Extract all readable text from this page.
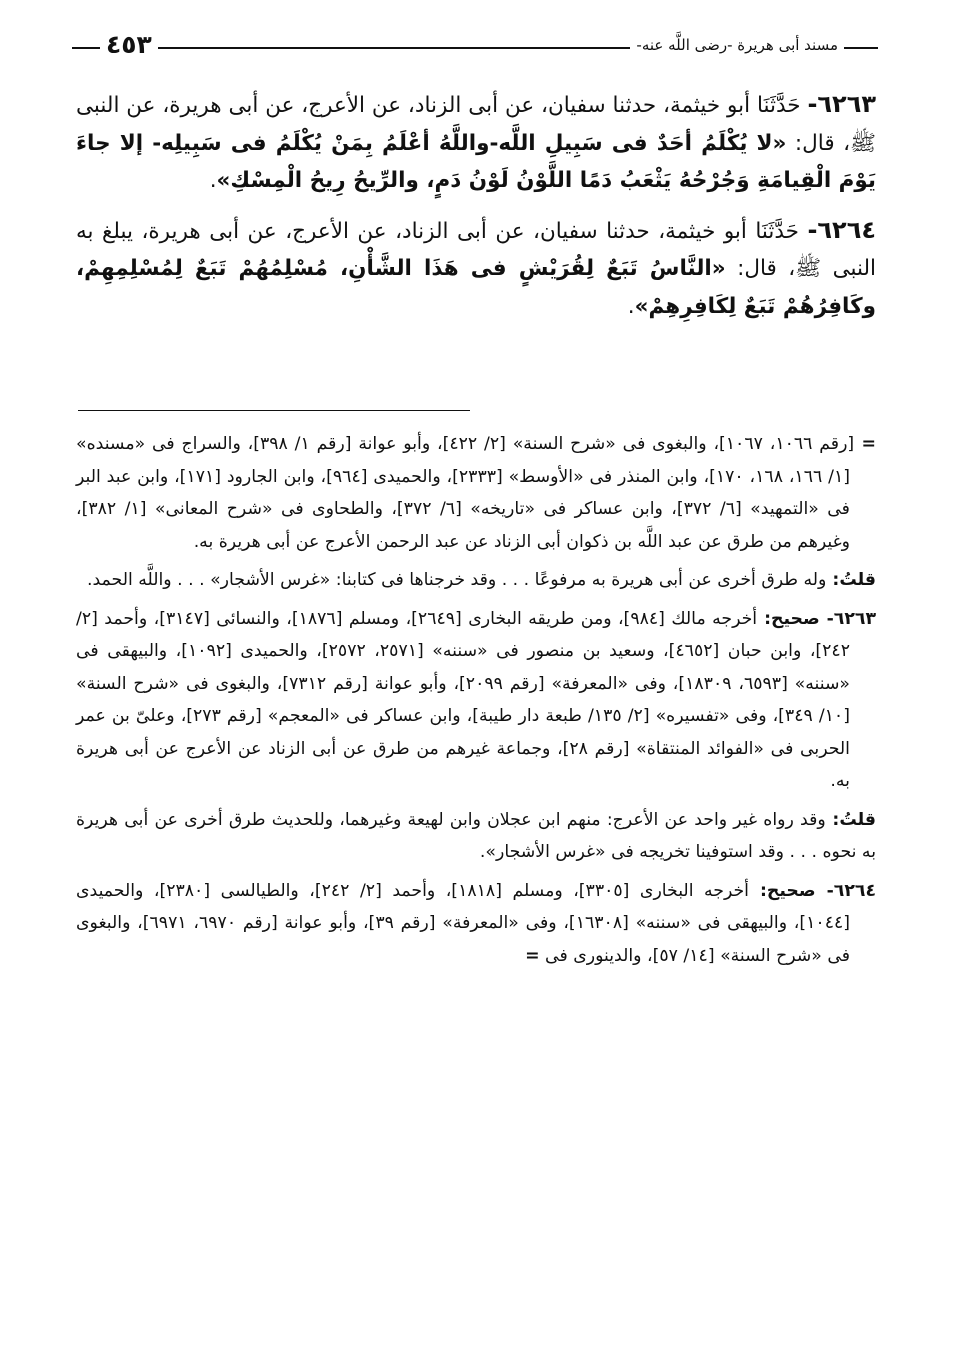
مسند أبى هريرة -رضى اللَّه عنه-
٤٥٣

٦٢٦٣- حَدَّثَنَا أبو خيثمة، حدثنا سفيان، عن أبى الزناد، عن الأعرج، عن أبى هريرة، عن النبى ﷺ، قال: «لا يُكْلَمُ أحَدٌ فى سَبِيلِ اللَّه-واللَّهُ أعْلَمُ بِمَنْ يُكْلَمُ فى سَبِيلِه- إلا جاءَ يَوْمَ الْقِيامَةِ وَجُرْحُهُ يَثْعَبُ دَمًا اللَّوْنُ لَوْنُ دَمٍ، والرِّيحُ رِيحُ الْمِسْكِ».

٦٢٦٤- حَدَّثَنَا أبو خيثمة، حدثنا سفيان، عن أبى الزناد، عن الأعرج، عن أبى هريرة، يبلغ به النبى ﷺ، قال: «النَّاسُ تَبَعٌ لِقُرَيْشٍ فى هَذَا الشَّأْنِ، مُسْلِمُهُمْ تَبَعٌ لِمُسْلِمِهِمْ، وكَافِرُهُمْ تَبَعٌ لِكَافِرِهِمْ».

= [رقم ١٠٦٦، ١٠٦٧]، والبغوى فى «شرح السنة» [٢/ ٤٢٢]، وأبو عوانة [رقم ١/ ٣٩٨]، والسراج فى «مسنده» [١/ ١٦٦، ١٦٨، ١٧٠]، وابن المنذر فى «الأوسط» [٢٣٣٣]، والحميدى [٩٦٤]، وابن الجارود [١٧١]، وابن عبد البر فى «التمهيد» [٦/ ٣٧٢]، وابن عساكر فى «تاريخه» [٦/ ٣٧٢]، والطحاوى فى «شرح المعانى» [١/ ٣٨٢]، وغيرهم من طرق عن عبد اللَّه بن ذكوان أبى الزناد عن عبد الرحمن الأعرج عن أبى هريرة به.

قلتُ: وله طرق أخرى عن أبى هريرة به مرفوعًا . . . وقد خرجناها فى كتابنا: «غرس الأشجار» . . . واللَّه الحمد.

٦٢٦٣- صحيح: أخرجه مالك [٩٨٤]، ومن طريقه البخارى [٢٦٤٩]، ومسلم [١٨٧٦]، والنسائى [٣١٤٧]، وأحمد [٢/ ٢٤٢]، وابن حبان [٤٦٥٢]، وسعيد بن منصور فى «سننه» [٢٥٧١، ٢٥٧٢]، والحميدى [١٠٩٢]، والبيهقى فى «سننه» [٦٥٩٣، ١٨٣٠٩]، وفى «المعرفة» [رقم ٢٠٩٩]، وأبو عوانة [رقم ٧٣١٢]، والبغوى فى «شرح السنة» [١٠/ ٣٤٩]، وفى «تفسيره» [٢/ ١٣٥/ طبعة دار طيبة]، وابن عساكر فى «المعجم» [رقم ٢٧٣]، وعلىّ بن عمر الحربى فى «الفوائد المنتقاة» [رقم ٢٨]، وجماعة غيرهم من طرق عن أبى الزناد عن الأعرج عن أبى هريرة به.

قلتُ: وقد رواه غير واحد عن الأعرج: منهم ابن عجلان وابن لهيعة وغيرهما، وللحديث طرق أخرى عن أبى هريرة به نحوه . . . وقد استوفينا تخريجه فى «غرس الأشجار».

٦٢٦٤- صحيح: أخرجه البخارى [٣٣٠٥]، ومسلم [١٨١٨]، وأحمد [٢/ ٢٤٢]، والطيالسى [٢٣٨٠]، والحميدى [١٠٤٤]، والبيهقى فى «سننه» [١٦٣٠٨]، وفى «المعرفة» [رقم ٣٩]، وأبو عوانة [رقم ٦٩٧٠، ٦٩٧١]، والبغوى فى «شرح السنة» [١٤/ ٥٧]، والدينورى فى =
